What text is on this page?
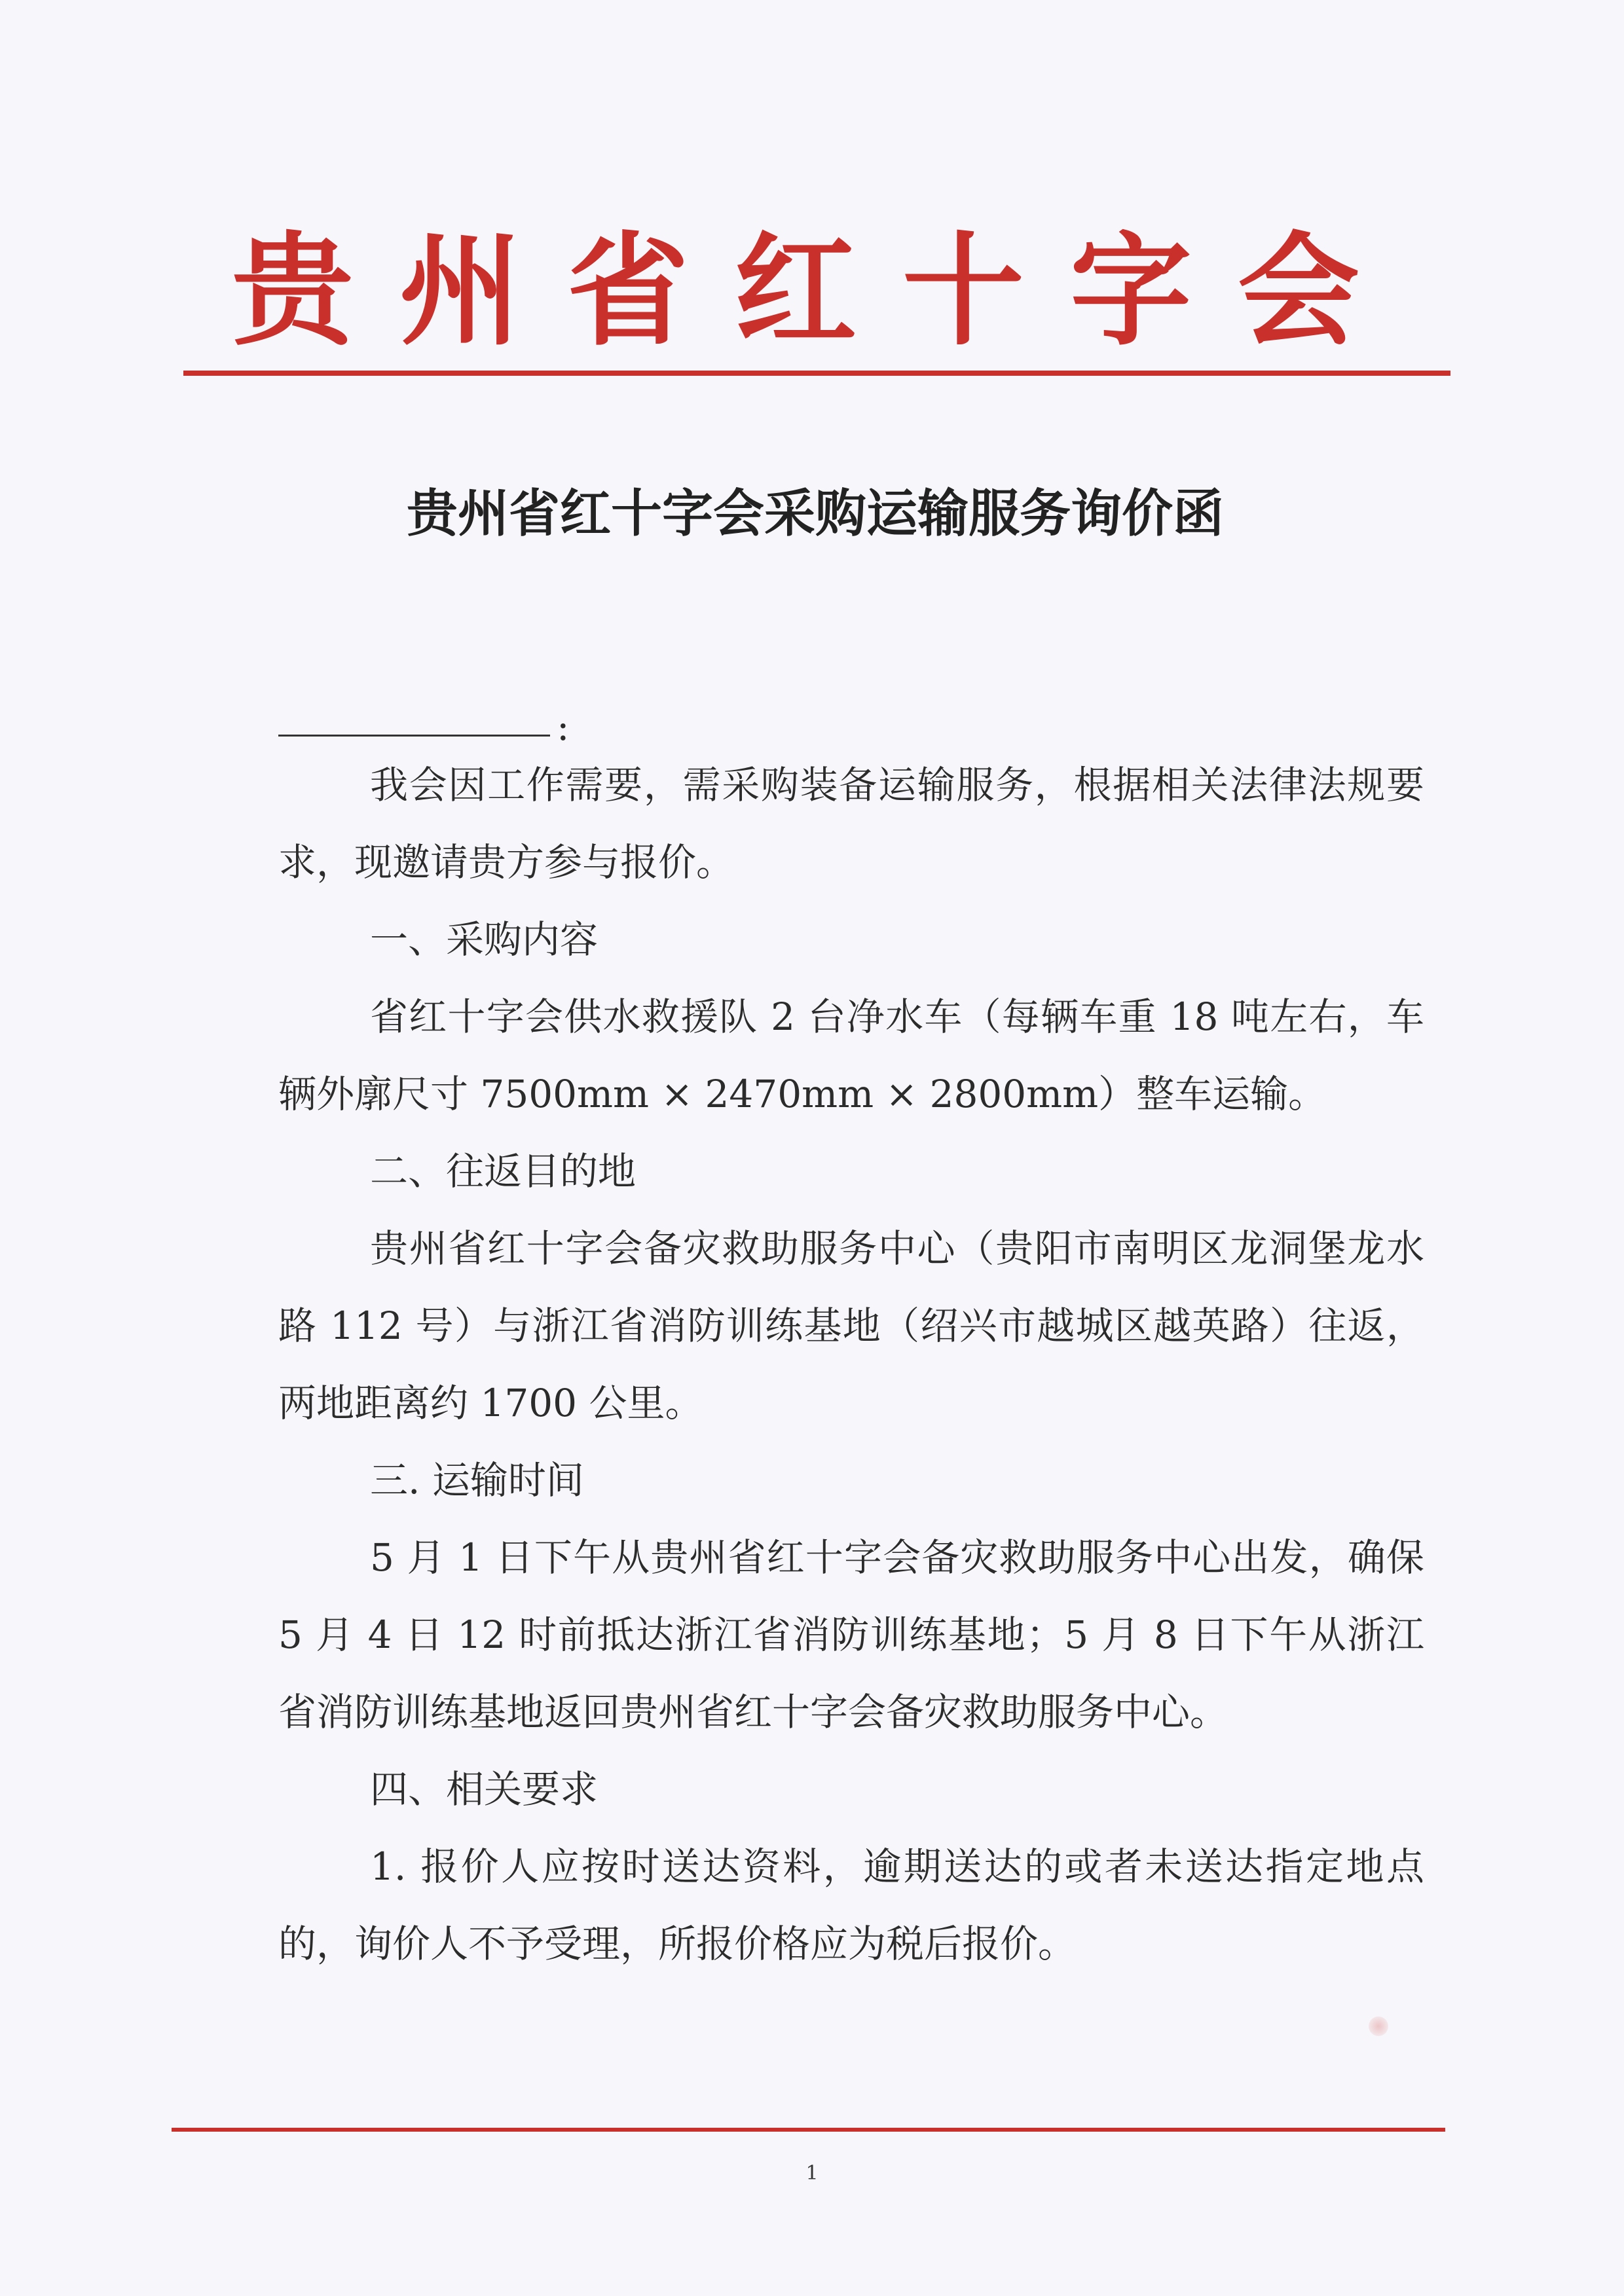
贵州省红十字会
贵州省红十字会采购运输服务询价函
:

我会因工作需要，需采购装备运输服务，根据相关法律法规要求，现邀请贵方参与报价。

一、采购内容

省红十字会供水救援队 2 台净水车（每辆车重 18 吨左右，车辆外廓尺寸 7500mm × 2470mm × 2800mm）整车运输。

二、往返目的地

贵州省红十字会备灾救助服务中心（贵阳市南明区龙洞堡龙水路 112 号）与浙江省消防训练基地（绍兴市越城区越英路）往返，两地距离约 1700 公里。

三. 运输时间

5 月 1 日下午从贵州省红十字会备灾救助服务中心出发，确保 5 月 4 日 12 时前抵达浙江省消防训练基地；5 月 8 日下午从浙江省消防训练基地返回贵州省红十字会备灾救助服务中心。

四、相关要求

1. 报价人应按时送达资料，逾期送达的或者未送达指定地点的，询价人不予受理，所报价格应为税后报价。

1
